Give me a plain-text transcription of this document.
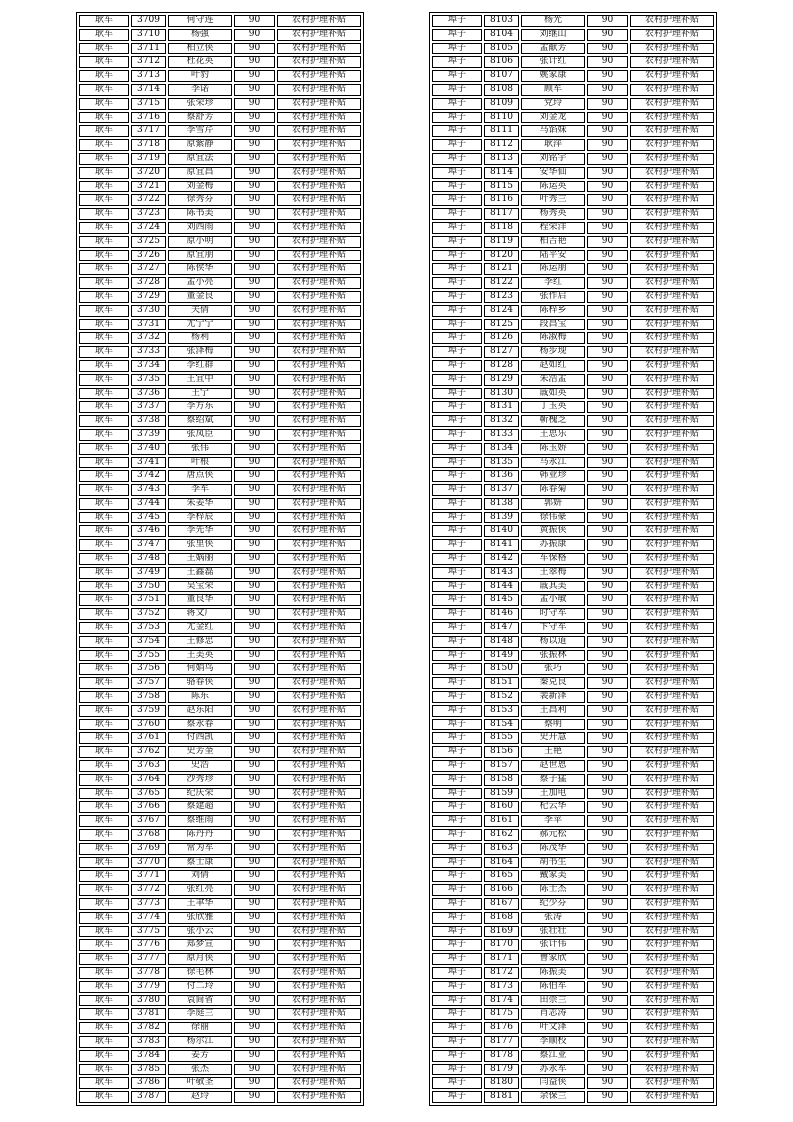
耿车	3709	何守连	90	农村护理补贴
耿车	3710	杨强	90	农村护理补贴
耿车	3711	柏立侠	90	农村护理补贴
耿车	3712	杜花英	90	农村护理补贴
耿车	3713	叶豹	90	农村护理补贴
耿车	3714	李诺	90	农村护理补贴
耿车	3715	张荣珍	90	农村护理补贴
耿车	3716	蔡舒芳	90	农村护理补贴
耿车	3717	李雪芹	90	农村护理补贴
耿车	3718	原紫静	90	农村护理补贴
耿车	3719	原宜法	90	农村护理补贴
耿车	3720	原宜昌	90	农村护理补贴
耿车	3721	刘金梅	90	农村护理补贴
耿车	3722	徐秀芬	90	农村护理补贴
耿车	3723	陈书美	90	农村护理补贴
耿车	3724	刘西雨	90	农村护理补贴
耿车	3725	原小明	90	农村护理补贴
耿车	3726	原宜朋	90	农村护理补贴
耿车	3727	陈侯华	90	农村护理补贴
耿车	3728	孟小亮	90	农村护理补贴
耿车	3729	董金良	90	农村护理补贴
耿车	3730	关倩	90	农村护理补贴
耿车	3731	尤宁宁	90	农村护理补贴
耿车	3732	杨利	90	农村护理补贴
耿车	3733	张泽梅	90	农村护理补贴
耿车	3734	李红群	90	农村护理补贴
耿车	3735	王宜中	90	农村护理补贴
耿车	3736	王宁	90	农村护理补贴
耿车	3737	李方东	90	农村护理补贴
耿车	3738	蔡绍斌	90	农村护理补贴
耿车	3739	张凤臣	90	农村护理补贴
耿车	3740	张伟	90	农村护理补贴
耿车	3741	叶根	90	农村护理补贴
耿车	3742	唐点侠	90	农村护理补贴
耿车	3743	李军	90	农村护理补贴
耿车	3744	朱姜华	90	农村护理补贴
耿车	3745	李梓辰	90	农村护理补贴
耿车	3746	李先华	90	农村护理补贴
耿车	3747	张里侠	90	农村护理补贴
耿车	3748	王娲丽	90	农村护理补贴
耿车	3749	王鑫磊	90	农村护理补贴
耿车	3750	吴宝荣	90	农村护理补贴
耿车	3751	董良华	90	农村护理补贴
耿车	3752	蒋文广	90	农村护理补贴
耿车	3753	尤金红	90	农村护理补贴
耿车	3754	王修忠	90	农村护理补贴
耿车	3755	王美英	90	农村护理补贴
耿车	3756	何娟鸟	90	农村护理补贴
耿车	3757	骆春侠	90	农村护理补贴
耿车	3758	陈东	90	农村护理补贴
耿车	3759	赵东阳	90	农村护理补贴
耿车	3760	蔡永春	90	农村护理补贴
耿车	3761	付西凯	90	农村护理补贴
耿车	3762	史芳奎	90	农村护理补贴
耿车	3763	史浩	90	农村护理补贴
耿车	3764	沙秀珍	90	农村护理补贴
耿车	3765	纪庆荣	90	农村护理补贴
耿车	3766	蔡建超	90	农村护理补贴
耿车	3767	蔡维雨	90	农村护理补贴
耿车	3768	陈丹丹	90	农村护理补贴
耿车	3769	常为军	90	农村护理补贴
耿车	3770	蔡士康	90	农村护理补贴
耿车	3771	刘倩	90	农村护理补贴
耿车	3772	张红亮	90	农村护理补贴
耿车	3773	王聿华	90	农村护理补贴
耿车	3774	张欣雅	90	农村护理补贴
耿车	3775	张小云	90	农村护理补贴
耿车	3776	郑梦宣	90	农村护理补贴
耿车	3777	原月侠	90	农村护理补贴
耿车	3778	徐毛林	90	农村护理补贴
耿车	3779	付二玲	90	农村护理补贴
耿车	3780	袁简省	90	农村护理补贴
耿车	3781	李庭兰	90	农村护理补贴
耿车	3782	徐丽	90	农村护理补贴
耿车	3783	杨尔江	90	农村护理补贴
耿车	3784	姜芳	90	农村护理补贴
耿车	3785	张杰	90	农村护理补贴
耿车	3786	叶敬圣	90	农村护理补贴
耿车	3787	赵玲	90	农村护理补贴
埠子	8103	杨光	90	农村护理补贴
埠子	8104	刘继山	90	农村护理补贴
埠子	8105	孟献芳	90	农村护理补贴
埠子	8106	张计红	90	农村护理补贴
埠子	8107	姚家康	90	农村护理补贴
埠子	8108	顾军	90	农村护理补贴
埠子	8109	党玲	90	农村护理补贴
埠子	8110	刘金龙	90	农村护理补贴
埠子	8111	马馅妹	90	农村护理补贴
埠子	8112	耿萍	90	农村护理补贴
埠子	8113	刘铭宇	90	农村护理补贴
埠子	8114	安华仙	90	农村护理补贴
埠子	8115	陈运英	90	农村护理补贴
埠子	8116	叶秀兰	90	农村护理补贴
埠子	8117	杨秀英	90	农村护理补贴
埠子	8118	程荣洋	90	农村护理补贴
埠子	8119	柏吉艳	90	农村护理补贴
埠子	8120	陆平安	90	农村护理补贴
埠子	8121	陈运朋	90	农村护理补贴
埠子	8122	李红	90	农村护理补贴
埠子	8123	张作启	90	农村护理补贴
埠子	8124	陈梓乡	90	农村护理补贴
埠子	8125	段昌宝	90	农村护理补贴
埠子	8126	陈淑梅	90	农村护理补贴
埠子	8127	杨步现	90	农村护理补贴
埠子	8128	赵如红	90	农村护理补贴
埠子	8129	朱浩孟	90	农村护理补贴
埠子	8130	戚如英	90	农村护理补贴
埠子	8131	丁玉英	90	农村护理补贴
埠子	8132	靳槐芝	90	农村护理补贴
埠子	8133	王思乐	90	农村护理补贴
埠子	8134	陈玉娇	90	农村护理补贴
埠子	8135	马永江	90	农村护理补贴
埠子	8136	韩业珍	90	农村护理补贴
埠子	8137	陈春菊	90	农村护理补贴
埠子	8138	郭妍	90	农村护理补贴
埠子	8139	徐伟豪	90	农村护理补贴
埠子	8140	黄振侠	90	农村护理补贴
埠子	8141	苏振康	90	农村护理补贴
埠子	8142	车保格	90	农村护理补贴
埠子	8143	王翠梅	90	农村护理补贴
埠子	8144	戚其美	90	农村护理补贴
埠子	8145	孟小敏	90	农村护理补贴
埠子	8146	时守军	90	农村护理补贴
埠子	8147	卞守军	90	农村护理补贴
埠子	8148	杨以道	90	农村护理补贴
埠子	8149	张振林	90	农村护理补贴
埠子	8150	张巧	90	农村护理补贴
埠子	8151	秦克良	90	农村护理补贴
埠子	8152	裴新泽	90	农村护理补贴
埠子	8153	王昌利	90	农村护理补贴
埠子	8154	蔡明	90	农村护理补贴
埠子	8155	史开慧	90	农村护理补贴
埠子	8156	王艳	90	农村护理补贴
埠子	8157	赵世恩	90	农村护理补贴
埠子	8158	蔡子猛	90	农村护理补贴
埠子	8159	王加电	90	农村护理补贴
埠子	8160	杞云华	90	农村护理补贴
埠子	8161	李苹	90	农村护理补贴
埠子	8162	郝元松	90	农村护理补贴
埠子	8163	陈茂华	90	农村护理补贴
埠子	8164	胡书生	90	农村护理补贴
埠子	8165	戴家美	90	农村护理补贴
埠子	8166	陈士杰	90	农村护理补贴
埠子	8167	纪少芬	90	农村护理补贴
埠子	8168	张涛	90	农村护理补贴
埠子	8169	张壮壮	90	农村护理补贴
埠子	8170	张计伟	90	农村护理补贴
埠子	8171	曹家欣	90	农村护理补贴
埠子	8172	陈振美	90	农村护理补贴
埠子	8173	陈伯军	90	农村护理补贴
埠子	8174	田崇兰	90	农村护理补贴
埠子	8175	肖志涛	90	农村护理补贴
埠子	8176	叶文泽	90	农村护理补贴
埠子	8177	李顺校	90	农村护理补贴
埠子	8178	蔡江亚	90	农村护理补贴
埠子	8179	苏永军	90	农村护理补贴
埠子	8180	闫益侠	90	农村护理补贴
埠子	8181	余保兰	90	农村护理补贴
